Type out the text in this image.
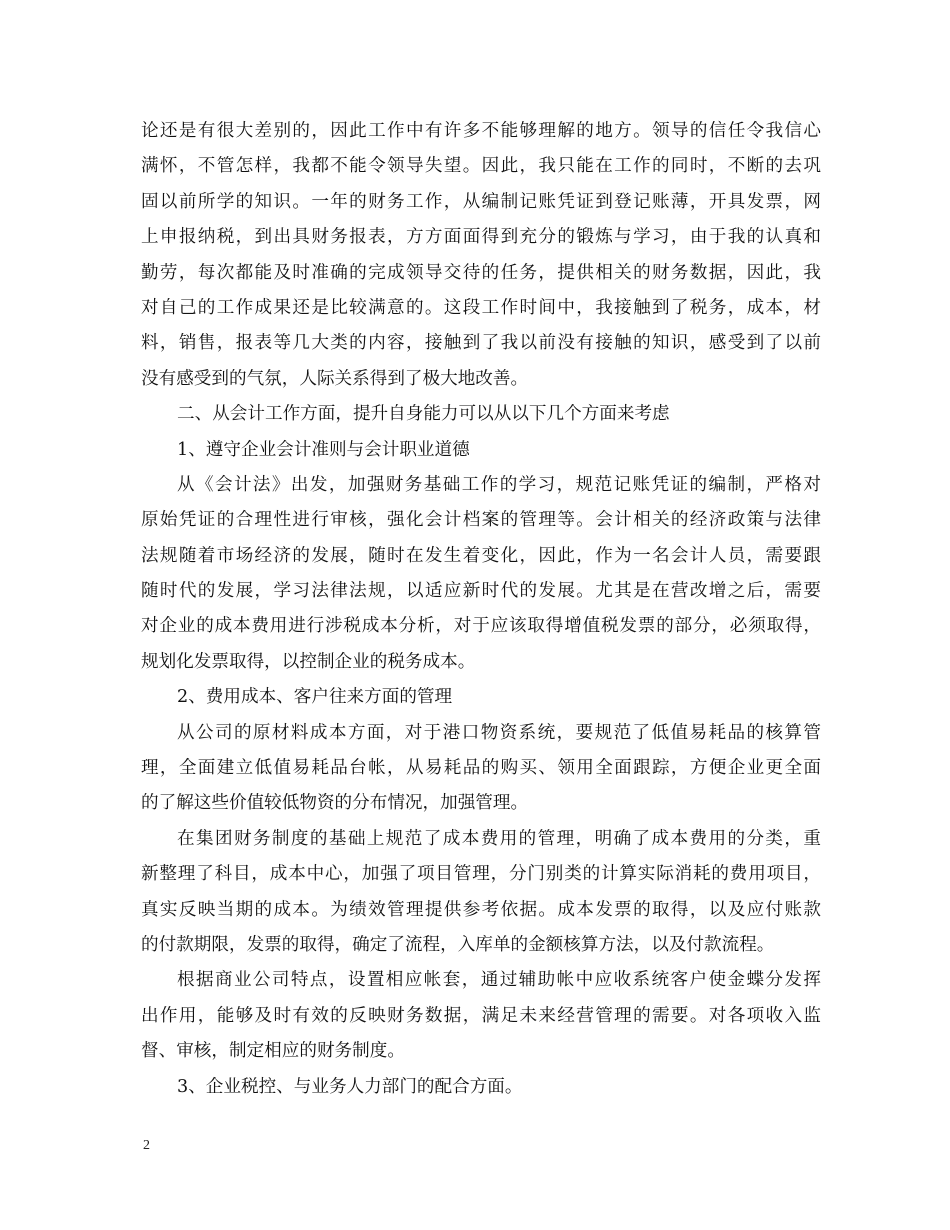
论还是有很大差别的，因此工作中有许多不能够理解的地方。领导的信任令我信心
满怀，不管怎样，我都不能令领导失望。因此，我只能在工作的同时，不断的去巩
固以前所学的知识。一年的财务工作，从编制记账凭证到登记账薄，开具发票，网
上申报纳税，到出具财务报表，方方面面得到充分的锻炼与学习，由于我的认真和
勤劳，每次都能及时准确的完成领导交待的任务，提供相关的财务数据，因此，我
对自己的工作成果还是比较满意的。这段工作时间中，我接触到了税务，成本，材
料，销售，报表等几大类的内容，接触到了我以前没有接触的知识，感受到了以前
没有感受到的气氛，人际关系得到了极大地改善。
二、从会计工作方面，提升自身能力可以从以下几个方面来考虑
1、遵守企业会计准则与会计职业道德
从《会计法》出发，加强财务基础工作的学习，规范记账凭证的编制，严格对
原始凭证的合理性进行审核，强化会计档案的管理等。会计相关的经济政策与法律
法规随着市场经济的发展，随时在发生着变化，因此，作为一名会计人员，需要跟
随时代的发展，学习法律法规，以适应新时代的发展。尤其是在营改增之后，需要
对企业的成本费用进行涉税成本分析，对于应该取得增值税发票的部分，必须取得，
规划化发票取得，以控制企业的税务成本。
2、费用成本、客户往来方面的管理
从公司的原材料成本方面，对于港口物资系统，要规范了低值易耗品的核算管
理，全面建立低值易耗品台帐，从易耗品的购买、领用全面跟踪，方便企业更全面
的了解这些价值较低物资的分布情况，加强管理。
在集团财务制度的基础上规范了成本费用的管理，明确了成本费用的分类，重
新整理了科目，成本中心，加强了项目管理，分门别类的计算实际消耗的费用项目，
真实反映当期的成本。为绩效管理提供参考依据。成本发票的取得，以及应付账款
的付款期限，发票的取得，确定了流程，入库单的金额核算方法，以及付款流程。
根据商业公司特点，设置相应帐套，通过辅助帐中应收系统客户使金蝶分发挥
出作用，能够及时有效的反映财务数据，满足未来经营管理的需要。对各项收入监
督、审核，制定相应的财务制度。
3、企业税控、与业务人力部门的配合方面。
2
